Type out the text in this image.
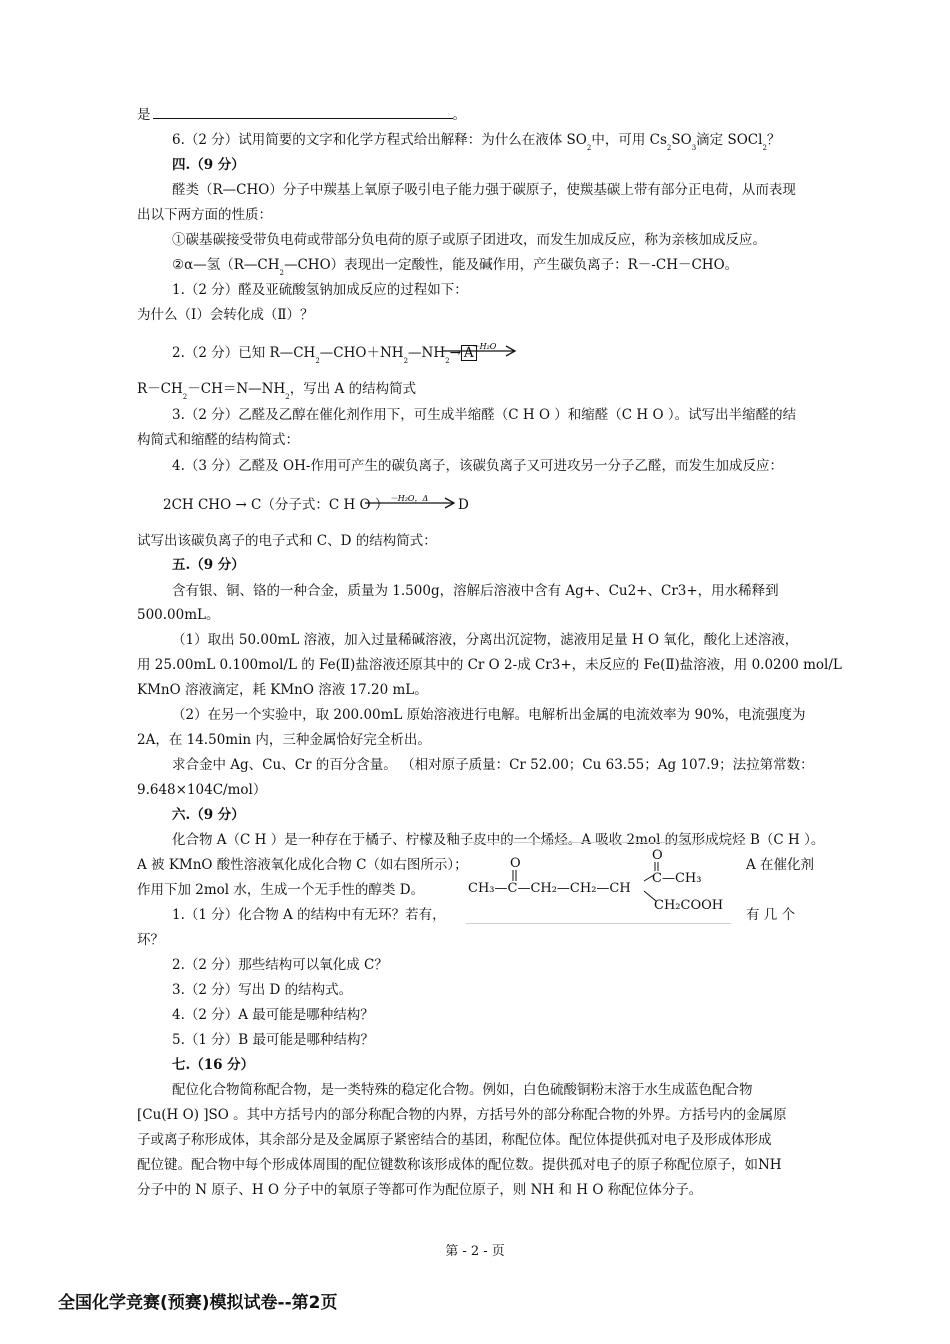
是	。
6.（2 分）试用简要的文字和化学方程式给出解释：为什么在液体 $SO_2$中，可用 $Cs_2SO_3$滴定 SOCl$_2$？
四.（9 分）
醛类（R—CHO）分子中羰基上氧原子吸引电子能力强于碳原子，使羰基碳上带有部分正电荷，从而表现
出以下两方面的性质：
①碳基碳接受带负电荷或带部分负电荷的原子或原子团进攻，而发生加成反应，称为亲核加成反应。
②α—氢$(R—CH_2—CHO)$表现出一定酸性，能及碱作用，产生碳负离子：R－-CH－CHO。
1.（2 分）醛及亚硫酸氢钠加成反应的过程如下：
为什么（Ⅰ）会转化成（Ⅱ）？
2.（2 分）已知 $R—CH_2—CHO+NH_2—NH_2\to A$
－H₂O
$R-CH_2-CH=N—NH_2$，写出 A 的结构简式
3.（2 分）乙醛及乙醇在催化剂作用下，可生成半缩醛（C H O ）和缩醛（C H O ）。试写出半缩醛的结
构简式和缩醛的结构简式：
4.（3 分）乙醛及 OH-作用可产生的碳负离子，该碳负离子又可进攻另一分子乙醛，而发生加成反应：
2CH CHO → C（分子式：C H O ） －H₂O，Δ D
试写出该碳负离子的电子式和 C、D 的结构简式：
五.（9 分）
含有银、铜、铬的一种合金，质量为 1.500g，溶解后溶液中含有 Ag+、Cu2+、Cr3+，用水稀释到
500.00mL。
（1）取出 50.00mL 溶液，加入过量稀碱溶液，分离出沉淀物，滤液用足量 H O 氧化，酸化上述溶液，
用 25.00mL 0.100mol/L 的 Fe(Ⅱ)盐溶液还原其中的 Cr O 2-成 Cr3+，未反应的 Fe(Ⅱ)盐溶液，用 0.0200 mol/L
KMnO 溶液滴定，耗 KMnO 溶液 17.20 mL。
（2）在另一个实验中，取 200.00mL 原始溶液进行电解。电解析出金属的电流效率为 90%，电流强度为
2A，在 14.50min 内，三种金属恰好完全析出。
求合金中 Ag、Cu、Cr 的百分含量。 （相对原子质量：Cr 52.00；Cu 63.55；Ag 107.9；法拉第常数：
9.648×104C/mol）
六.（9 分）
化合物 A（C H ）是一种存在于橘子、柠檬及釉子皮中的一个烯烃。A 吸收 2mol 的氢形成烷烃 B（C H ）。
A 被 KMnO 酸性溶液氧化成化合物 C（如右图所示）；	A 在催化剂
作用下加 2mol 水，生成一个无手性的醇类 D。
1.（1 分）化合物 A 的结构中有无环？若有，	有 几 个
环？
CH₃—C—CH₂—CH₂—CH
O
O
C—CH₃
CH₂COOH
2.（2 分）那些结构可以氧化成 C？
3.（2 分）写出 D 的结构式。
4.（2 分）A 最可能是哪种结构？
5.（1 分）B 最可能是哪种结构？
七.（16 分）
配位化合物简称配合物，是一类特殊的稳定化合物。例如，白色硫酸铜粉末溶于水生成蓝色配合物
[Cu(H O) ]SO 。其中方括号内的部分称配合物的内界，方括号外的部分称配合物的外界。方括号内的金属原
子或离子称形成体，其余部分是及金属原子紧密结合的基团，称配位体。配位体提供孤对电子及形成体形成
配位键。配合物中每个形成体周围的配位键数称该形成体的配位数。提供孤对电子的原子称配位原子，如NH
分子中的 N 原子、H O 分子中的氧原子等都可作为配位原子，则 NH 和 H O 称配位体分子。
第 - 2 - 页
全国化学竞赛(预赛)模拟试卷--第2页
